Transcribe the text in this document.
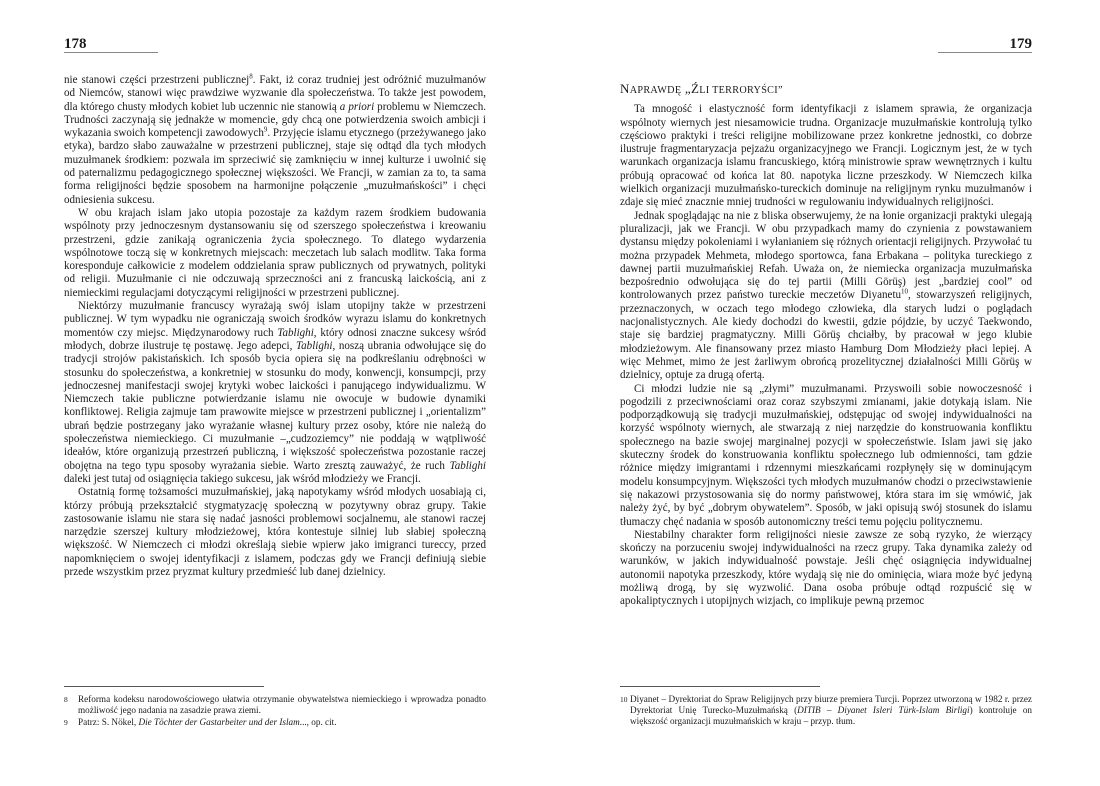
178

nie stanowi części przestrzeni publicznej$^8$. Fakt, iż coraz trudniej jest odróżnić muzułmanów od Niemców, stanowi więc prawdziwe wyzwanie dla społeczeństwa. To także jest powodem, dla którego chusty młodych kobiet lub uczennic nie stanowią a priori problemu w Niemczech. Trudności zaczynają się jednakże w momencie, gdy chcą one potwierdzenia swoich ambicji i wykazania swoich kompetencji zawodowych$^9$. Przyjęcie islamu etycznego (przeżywanego jako etyka), bardzo słabo zauważalne w przestrzeni publicznej, staje się odtąd dla tych młodych muzułmanek środkiem: pozwala im sprzeciwić się zamknięciu w innej kulturze i uwolnić się od paternalizmu pedagogicznego społecznej większości. We Francji, w zamian za to, ta sama forma religijności będzie sposobem na harmonijne połączenie „muzułmańskości” i chęci odniesienia sukcesu.

W obu krajach islam jako utopia pozostaje za każdym razem środkiem budowania wspólnoty przy jednoczesnym dystansowaniu się od szerszego społeczeństwa i kreowaniu przestrzeni, gdzie zanikają ograniczenia życia społecznego. To dlatego wydarzenia wspólnotowe toczą się w konkretnych miejscach: meczetach lub salach modlitw. Taka forma koresponduje całkowicie z modelem oddzielania spraw publicznych od prywatnych, polityki od religii. Muzułmanie ci nie odczuwają sprzeczności ani z francuską laickością, ani z niemieckimi regulacjami dotyczącymi religijności w przestrzeni publicznej.

Niektórzy muzułmanie francuscy wyrażają swój islam utopijny także w przestrzeni publicznej. W tym wypadku nie ograniczają swoich środków wyrazu islamu do konkretnych momentów czy miejsc. Międzynarodowy ruch Tablighi, który odnosi znaczne sukcesy wśród młodych, dobrze ilustruje tę postawę. Jego adepci, Tablighi, noszą ubrania odwołujące się do tradycji strojów pakistańskich. Ich sposób bycia opiera się na podkreślaniu odrębności w stosunku do społeczeństwa, a konkretniej w stosunku do mody, konwencji, konsumpcji, przy jednoczesnej manifestacji swojej krytyki wobec laickości i panującego indywidualizmu. W Niemczech takie publiczne potwierdzanie islamu nie owocuje w budowie dynamiki konfliktowej. Religia zajmuje tam prawowite miejsce w przestrzeni publicznej i „orientalizm” ubrań będzie postrzegany jako wyrażanie własnej kultury przez osoby, które nie należą do społeczeństwa niemieckiego. Ci muzułmanie –„cudzoziemcy” nie poddają w wątpliwość ideałów, które organizują przestrzeń publiczną, i większość społeczeństwa pozostanie raczej obojętna na tego typu sposoby wyrażania siebie. Warto zresztą zauważyć, że ruch Tablighi daleki jest tutaj od osiągnięcia takiego sukcesu, jak wśród młodzieży we Francji.

Ostatnią formę tożsamości muzułmańskiej, jaką napotykamy wśród młodych uosabiają ci, którzy próbują przekształcić stygmatyzację społeczną w pozytywny obraz grupy. Takie zastosowanie islamu nie stara się nadać jasności problemowi socjalnemu, ale stanowi raczej narzędzie szerszej kultury młodzieżowej, która kontestuje silniej lub słabiej społeczną większość. W Niemczech ci młodzi określają siebie wpierw jako imigranci tureccy, przed napomknięciem o swojej identyfikacji z islamem, podczas gdy we Francji definiują siebie przede wszystkim przez pryzmat kultury przedmieść lub danej dzielnicy.

8	Reforma kodeksu narodowościowego ułatwia otrzymanie obywatelstwa niemieckiego i wprowadza ponadto możliwość jego nadania na zasadzie prawa ziemi.
9	Patrz: S. Nökel, Die Töchter der Gastarbeiter und der Islam..., op. cit.
179
NAPRAWDĘ „ŹLI TERRORYŚCI”

Ta mnogość i elastyczność form identyfikacji z islamem sprawia, że organizacja wspólnoty wiernych jest niesamowicie trudna. Organizacje muzułmańskie kontrolują tylko częściowo praktyki i treści religijne mobilizowane przez konkretne jednostki, co dobrze ilustruje fragmentaryzacja pejzażu organizacyjnego we Francji. Logicznym jest, że w tych warunkach organizacja islamu francuskiego, którą ministrowie spraw wewnętrznych i kultu próbują opracować od końca lat 80. napotyka liczne przeszkody. W Niemczech kilka wielkich organizacji muzułmańsko-tureckich dominuje na religijnym rynku muzułmanów i zdaje się mieć znacznie mniej trudności w regulowaniu indywidualnych religijności.

Jednak spoglądając na nie z bliska obserwujemy, że na łonie organizacji praktyki ulegają pluralizacji, jak we Francji. W obu przypadkach mamy do czynienia z powstawaniem dystansu między pokoleniami i wyłanianiem się różnych orientacji religijnych. Przywołać tu można przypadek Mehmeta, młodego sportowca, fana Erbakana – polityka tureckiego z dawnej partii muzułmańskiej Refah. Uważa on, że niemiecka organizacja muzułmańska bezpośrednio odwołująca się do tej partii (Milli Görüş) jest „bardziej cool” od kontrolowanych przez państwo tureckie meczetów Diyanetu$^{10}$, stowarzyszeń religijnych, przeznaczonych, w oczach tego młodego człowieka, dla starych ludzi o poglądach nacjonalistycznych. Ale kiedy dochodzi do kwestii, gdzie pójdzie, by uczyć Taekwondo, staje się bardziej pragmatyczny. Milli Görüş chciałby, by pracował w jego klubie młodzieżowym. Ale finansowany przez miasto Hamburg Dom Młodzieży płaci lepiej. A więc Mehmet, mimo że jest żarliwym obrońcą prozelityczneј działalności Milli Görüş w dzielnicy, optuje za drugą ofertą.

Ci młodzi ludzie nie są „złymi” muzułmanami. Przyswoili sobie nowoczesność i pogodzili z przeciwnościami oraz coraz szybszymi zmianami, jakie dotykają islam. Nie podporządkowują się tradycji muzułmańskiej, odstępując od swojej indywidualności na korzyść wspólnoty wiernych, ale stwarzają z niej narzędzie do konstruowania konfliktu społecznego na bazie swojej marginalnej pozycji w społeczeństwie. Islam jawi się jako skuteczny środek do konstruowania konfliktu społecznego lub odmienności, tam gdzie różnice między imigrantami i rdzennymi mieszkańcami rozpłynęły się w dominującym modelu konsumpcyjnym. Większości tych młodych muzułmanów chodzi o przeciwstawienie się nakazowi przystosowania się do normy państwowej, która stara im się wmówić, jak należy żyć, by być „dobrym obywatelem”. Sposób, w jaki opisują swój stosunek do islamu tłumaczy chęć nadania w sposób autonomiczny treści temu pojęciu politycznemu.

Niestabilny charakter form religijności niesie zawsze ze sobą ryzyko, że wierzący skończy na porzuceniu swojej indywidualności na rzecz grupy. Taka dynamika zależy od warunków, w jakich indywidualność powstaje. Jeśli chęć osiągnięcia indywidualnej autonomii napotyka przeszkody, które wydają się nie do ominięcia, wiara może być jedyną możliwą drogą, by się wyzwolić. Dana osoba próbuje odtąd rozpuścić się w apokaliptycznych i utopijnych wizjach, co implikuje pewną przemoc

10 Diyanet – Dyrektoriat do Spraw Religijnych przy biurze premiera Turcji. Poprzez utworzoną w 1982 r. przez Dyrektoriat Unię Turecko-Muzułmańską (DITIB – Diyanet Isleri Türk-Islam Birligi) kontroluje on większość organizacji muzułmańskich w kraju – przyp. tłum.
